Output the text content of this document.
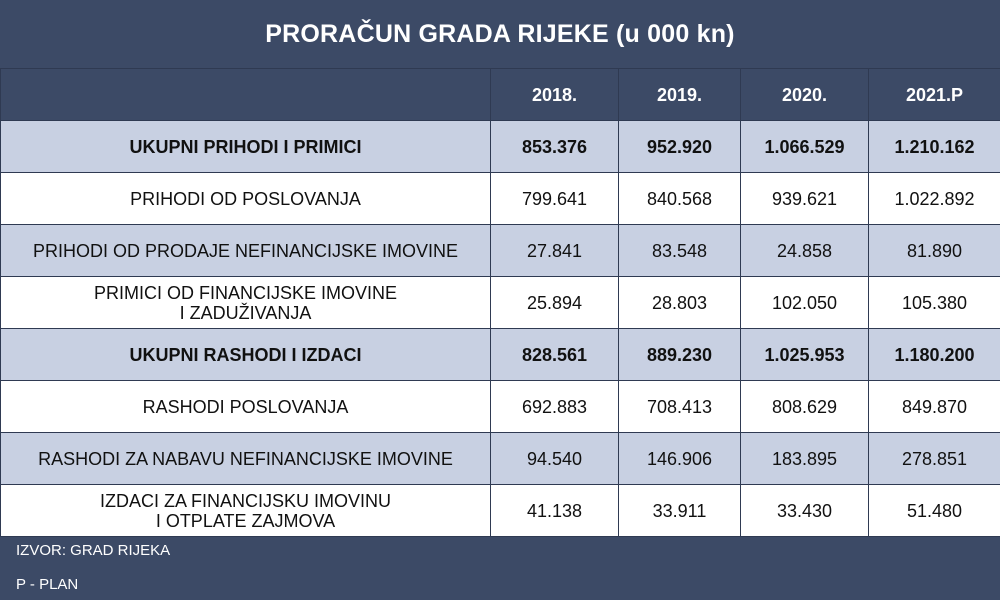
PRORAČUN GRADA RIJEKE (u 000 kn)
	2018.	2019.	2020.	2021.P
UKUPNI PRIHODI I PRIMICI	853.376	952.920	1.066.529	1.210.162
PRIHODI OD POSLOVANJA	799.641	840.568	939.621	1.022.892
PRIHODI OD PRODAJE NEFINANCIJSKE IMOVINE	27.841	83.548	24.858	81.890

PRIMICI OD FINANCIJSKE IMOVINE
I ZADUŽIVANJA	25.894	28.803	102.050	105.380
UKUPNI RASHODI I IZDACI	828.561	889.230	1.025.953	1.180.200
RASHODI POSLOVANJA	692.883	708.413	808.629	849.870
RASHODI ZA NABAVU NEFINANCIJSKE IMOVINE	94.540	146.906	183.895	278.851

IZDACI ZA FINANCIJSKU IMOVINU
I OTPLATE ZAJMOVA	41.138	33.911	33.430	51.480
IZVOR: GRAD RIJEKA
P - PLAN
